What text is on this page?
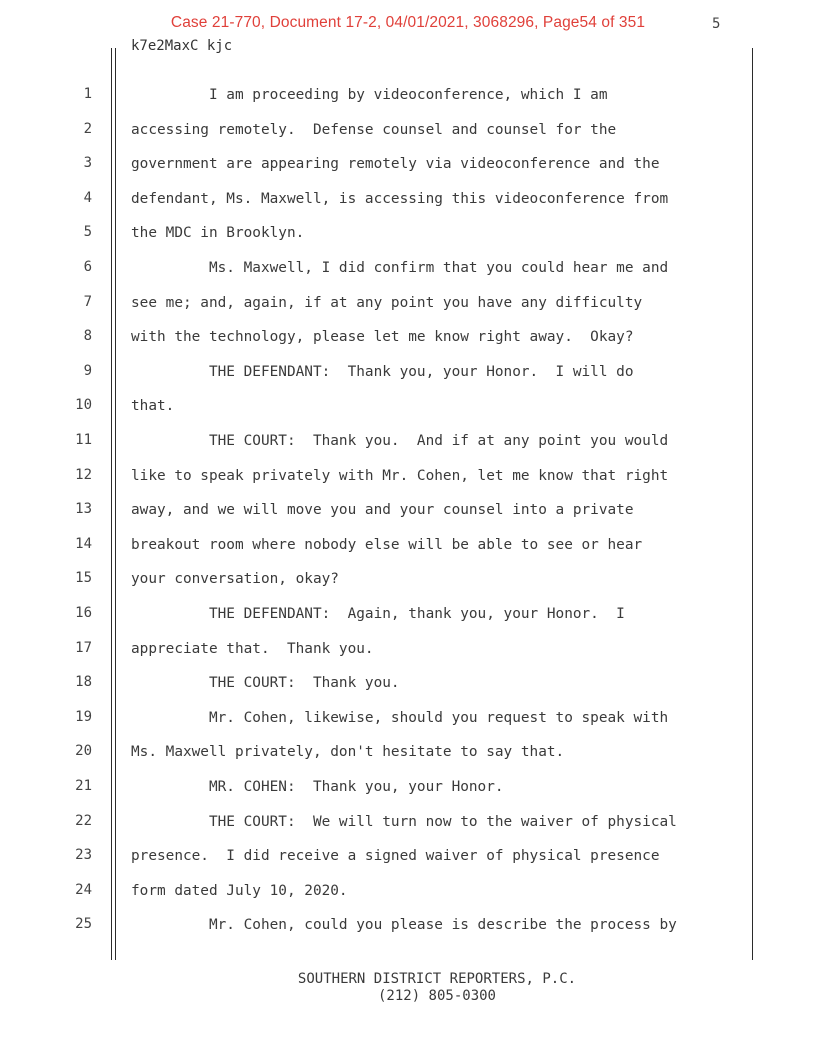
Case 21-770, Document 17-2, 04/01/2021, 3068296, Page54 of 351	5
k7e2MaxC kjc
1	I am proceeding by videoconference, which I am
2	accessing remotely.  Defense counsel and counsel for the
3	government are appearing remotely via videoconference and the
4	defendant, Ms. Maxwell, is accessing this videoconference from
5	the MDC in Brooklyn.
6	Ms. Maxwell, I did confirm that you could hear me and
7	see me; and, again, if at any point you have any difficulty
8	with the technology, please let me know right away.  Okay?
9	THE DEFENDANT:  Thank you, your Honor.  I will do
10	that.
11	THE COURT:  Thank you.  And if at any point you would
12	like to speak privately with Mr. Cohen, let me know that right
13	away, and we will move you and your counsel into a private
14	breakout room where nobody else will be able to see or hear
15	your conversation, okay?
16	THE DEFENDANT:  Again, thank you, your Honor.  I
17	appreciate that.  Thank you.
18	THE COURT:  Thank you.
19	Mr. Cohen, likewise, should you request to speak with
20	Ms. Maxwell privately, don't hesitate to say that.
21	MR. COHEN:  Thank you, your Honor.
22	THE COURT:  We will turn now to the waiver of physical
23	presence.  I did receive a signed waiver of physical presence
24	form dated July 10, 2020.
25	Mr. Cohen, could you please is describe the process by
SOUTHERN DISTRICT REPORTERS, P.C.
(212) 805-0300
